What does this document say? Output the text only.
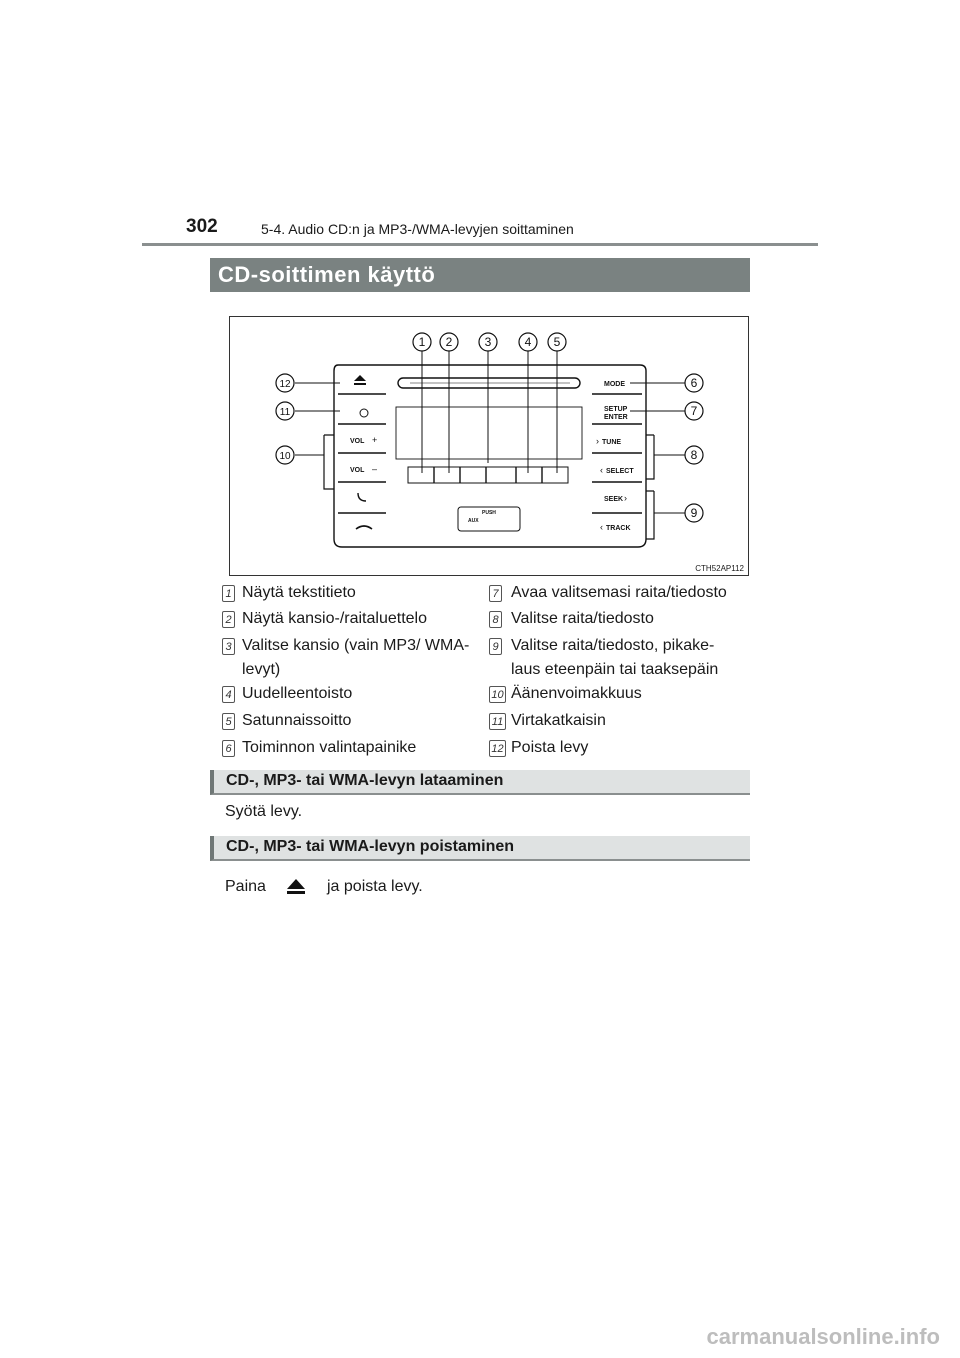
302	5-4. Audio CD:n ja MP3-/WMA-levyjen soittaminen
CD-soittimen käyttö
MODE
SETUP
ENTER
TUNE
SELECT
SEEK
TRACK
VOL
VOL
PUSH
AUX
+
–
›
‹
›
‹
1 2	3	4 5
6
7
8
9
10
11
12
CTH52AP112
1 Näytä tekstitieto
2 Näytä kansio-/raitaluettelo
3 Valitse kansio (vain MP3/ WMA-levyt)
4 Uudelleentoisto
5 Satunnaissoitto
6 Toiminnon valintapainike
7 Avaa valitsemasi raita/tiedosto
8 Valitse raita/tiedosto
9 Valitse raita/tiedosto, pikake- laus eteenpäin tai taaksepäin
10 Äänenvoimakkuus
11 Virtakatkaisin
12 Poista levy
CD-, MP3- tai WMA-levyn lataaminen
Syötä levy.
CD-, MP3- tai WMA-levyn poistaminen
Paina	ja poista levy.
carmanualsonline.info
